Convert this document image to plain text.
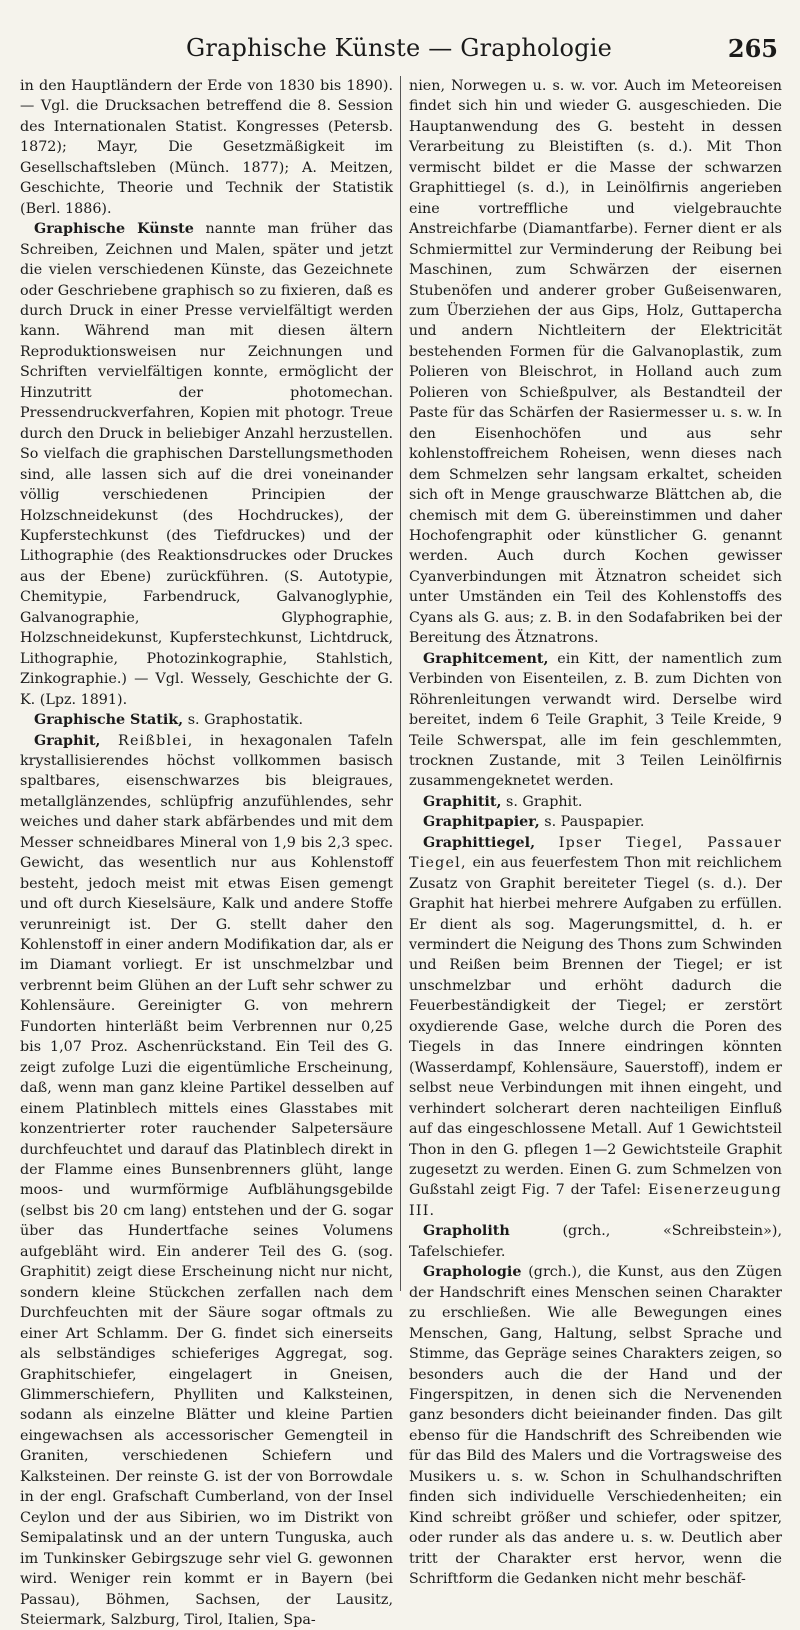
Graphische Künste — Graphologie	265

in den Hauptländern der Erde von 1830 bis 1890). — Vgl. die Drucksachen betreffend die 8. Session des Internationalen Statist. Kongresses (Petersb. 1872); Mayr, Die Gesetzmäßigkeit im Gesellschaftsleben (Münch. 1877); A. Meitzen, Geschichte, Theorie und Technik der Statistik (Berl. 1886).

Graphische Künste nannte man früher das Schreiben, Zeichnen und Malen, später und jetzt die vielen verschiedenen Künste, das Gezeichnete oder Geschriebene graphisch so zu fixieren, daß es durch Druck in einer Presse vervielfältigt werden kann. Während man mit diesen ältern Reproduktionsweisen nur Zeichnungen und Schriften vervielfältigen konnte, ermöglicht der Hinzutritt der photomechan. Pressendruckverfahren, Kopien mit photogr. Treue durch den Druck in beliebiger Anzahl herzustellen. So vielfach die graphischen Darstellungsmethoden sind, alle lassen sich auf die drei voneinander völlig verschiedenen Principien der Holzschneidekunst (des Hochdruckes), der Kupferstechkunst (des Tiefdruckes) und der Lithographie (des Reaktionsdruckes oder Druckes aus der Ebene) zurückführen. (S. Autotypie, Chemitypie, Farbendruck, Galvanoglyphie, Galvanographie, Glyphographie, Holzschneidekunst, Kupferstechkunst, Lichtdruck, Lithographie, Photozinkographie, Stahlstich, Zinkographie.) — Vgl. Wessely, Geschichte der G. K. (Lpz. 1891).

Graphische Statik, s. Graphostatik.

Graphit, Reißblei, in hexagonalen Tafeln krystallisierendes höchst vollkommen basisch spaltbares, eisenschwarzes bis bleigraues, metallglänzendes, schlüpfrig anzufühlendes, sehr weiches und daher stark abfärbendes und mit dem Messer schneidbares Mineral von 1,9 bis 2,3 spec. Gewicht, das wesentlich nur aus Kohlenstoff besteht, jedoch meist mit etwas Eisen gemengt und oft durch Kieselsäure, Kalk und andere Stoffe verunreinigt ist. Der G. stellt daher den Kohlenstoff in einer andern Modifikation dar, als er im Diamant vorliegt. Er ist unschmelzbar und verbrennt beim Glühen an der Luft sehr schwer zu Kohlensäure. Gereinigter G. von mehrern Fundorten hinterläßt beim Verbrennen nur 0,25 bis 1,07 Proz. Aschenrückstand. Ein Teil des G. zeigt zufolge Luzi die eigentümliche Erscheinung, daß, wenn man ganz kleine Partikel desselben auf einem Platinblech mittels eines Glasstabes mit konzentrierter roter rauchender Salpetersäure durchfeuchtet und darauf das Platinblech direkt in der Flamme eines Bunsenbrenners glüht, lange moos- und wurmförmige Aufblähungsgebilde (selbst bis 20 cm lang) entstehen und der G. sogar über das Hundertfache seines Volumens aufgebläht wird. Ein anderer Teil des G. (sog. Graphitit) zeigt diese Erscheinung nicht nur nicht, sondern kleine Stückchen zerfallen nach dem Durchfeuchten mit der Säure sogar oftmals zu einer Art Schlamm. Der G. findet sich einerseits als selbständiges schieferiges Aggregat, sog. Graphitschiefer, eingelagert in Gneisen, Glimmerschiefern, Phylliten und Kalksteinen, sodann als einzelne Blätter und kleine Partien eingewachsen als accessorischer Gemengteil in Graniten, verschiedenen Schiefern und Kalksteinen. Der reinste G. ist der von Borrowdale in der engl. Grafschaft Cumberland, von der Insel Ceylon und der aus Sibirien, wo im Distrikt von Semipalatinsk und an der untern Tunguska, auch im Tunkinsker Gebirgszuge sehr viel G. gewonnen wird. Weniger rein kommt er in Bayern (bei Passau), Böhmen, Sachsen, der Lausitz, Steiermark, Salzburg, Tirol, Italien, Spa-

nien, Norwegen u. s. w. vor. Auch im Meteoreisen findet sich hin und wieder G. ausgeschieden. Die Hauptanwendung des G. besteht in dessen Verarbeitung zu Bleistiften (s. d.). Mit Thon vermischt bildet er die Masse der schwarzen Graphittiegel (s. d.), in Leinölfirnis angerieben eine vortreffliche und vielgebrauchte Anstreichfarbe (Diamantfarbe). Ferner dient er als Schmiermittel zur Verminderung der Reibung bei Maschinen, zum Schwärzen der eisernen Stubenöfen und anderer grober Gußeisenwaren, zum Überziehen der aus Gips, Holz, Guttapercha und andern Nichtleitern der Elektricität bestehenden Formen für die Galvanoplastik, zum Polieren von Bleischrot, in Holland auch zum Polieren von Schießpulver, als Bestandteil der Paste für das Schärfen der Rasiermesser u. s. w. In den Eisenhochöfen und aus sehr kohlenstoffreichem Roheisen, wenn dieses nach dem Schmelzen sehr langsam erkaltet, scheiden sich oft in Menge grauschwarze Blättchen ab, die chemisch mit dem G. übereinstimmen und daher Hochofengraphit oder künstlicher G. genannt werden. Auch durch Kochen gewisser Cyanverbindungen mit Ätznatron scheidet sich unter Umständen ein Teil des Kohlenstoffs des Cyans als G. aus; z. B. in den Sodafabriken bei der Bereitung des Ätznatrons.

Graphitcement, ein Kitt, der namentlich zum Verbinden von Eisenteilen, z. B. zum Dichten von Röhrenleitungen verwandt wird. Derselbe wird bereitet, indem 6 Teile Graphit, 3 Teile Kreide, 9 Teile Schwerspat, alle im fein geschlemmten, trocknen Zustande, mit 3 Teilen Leinölfirnis zusammengeknetet werden.

Graphitit, s. Graphit.

Graphitpapier, s. Pauspapier.

Graphittiegel, Ipser Tiegel, Passauer Tiegel, ein aus feuerfestem Thon mit reichlichem Zusatz von Graphit bereiteter Tiegel (s. d.). Der Graphit hat hierbei mehrere Aufgaben zu erfüllen. Er dient als sog. Magerungsmittel, d. h. er vermindert die Neigung des Thons zum Schwinden und Reißen beim Brennen der Tiegel; er ist unschmelzbar und erhöht dadurch die Feuerbeständigkeit der Tiegel; er zerstört oxydierende Gase, welche durch die Poren des Tiegels in das Innere eindringen könnten (Wasserdampf, Kohlensäure, Sauerstoff), indem er selbst neue Verbindungen mit ihnen eingeht, und verhindert solcherart deren nachteiligen Einfluß auf das eingeschlossene Metall. Auf 1 Gewichtsteil Thon in den G. pflegen 1—2 Gewichtsteile Graphit zugesetzt zu werden. Einen G. zum Schmelzen von Gußstahl zeigt Fig. 7 der Tafel: Eisenerzeugung III.

Grapholith (grch., «Schreibstein»), Tafelschiefer.

Graphologie (grch.), die Kunst, aus den Zügen der Handschrift eines Menschen seinen Charakter zu erschließen. Wie alle Bewegungen eines Menschen, Gang, Haltung, selbst Sprache und Stimme, das Gepräge seines Charakters zeigen, so besonders auch die der Hand und der Fingerspitzen, in denen sich die Nervenenden ganz besonders dicht beieinander finden. Das gilt ebenso für die Handschrift des Schreibenden wie für das Bild des Malers und die Vortragsweise des Musikers u. s. w. Schon in Schulhandschriften finden sich individuelle Verschiedenheiten; ein Kind schreibt größer und schiefer, oder spitzer, oder runder als das andere u. s. w. Deutlich aber tritt der Charakter erst hervor, wenn die Schriftform die Gedanken nicht mehr beschäf-
